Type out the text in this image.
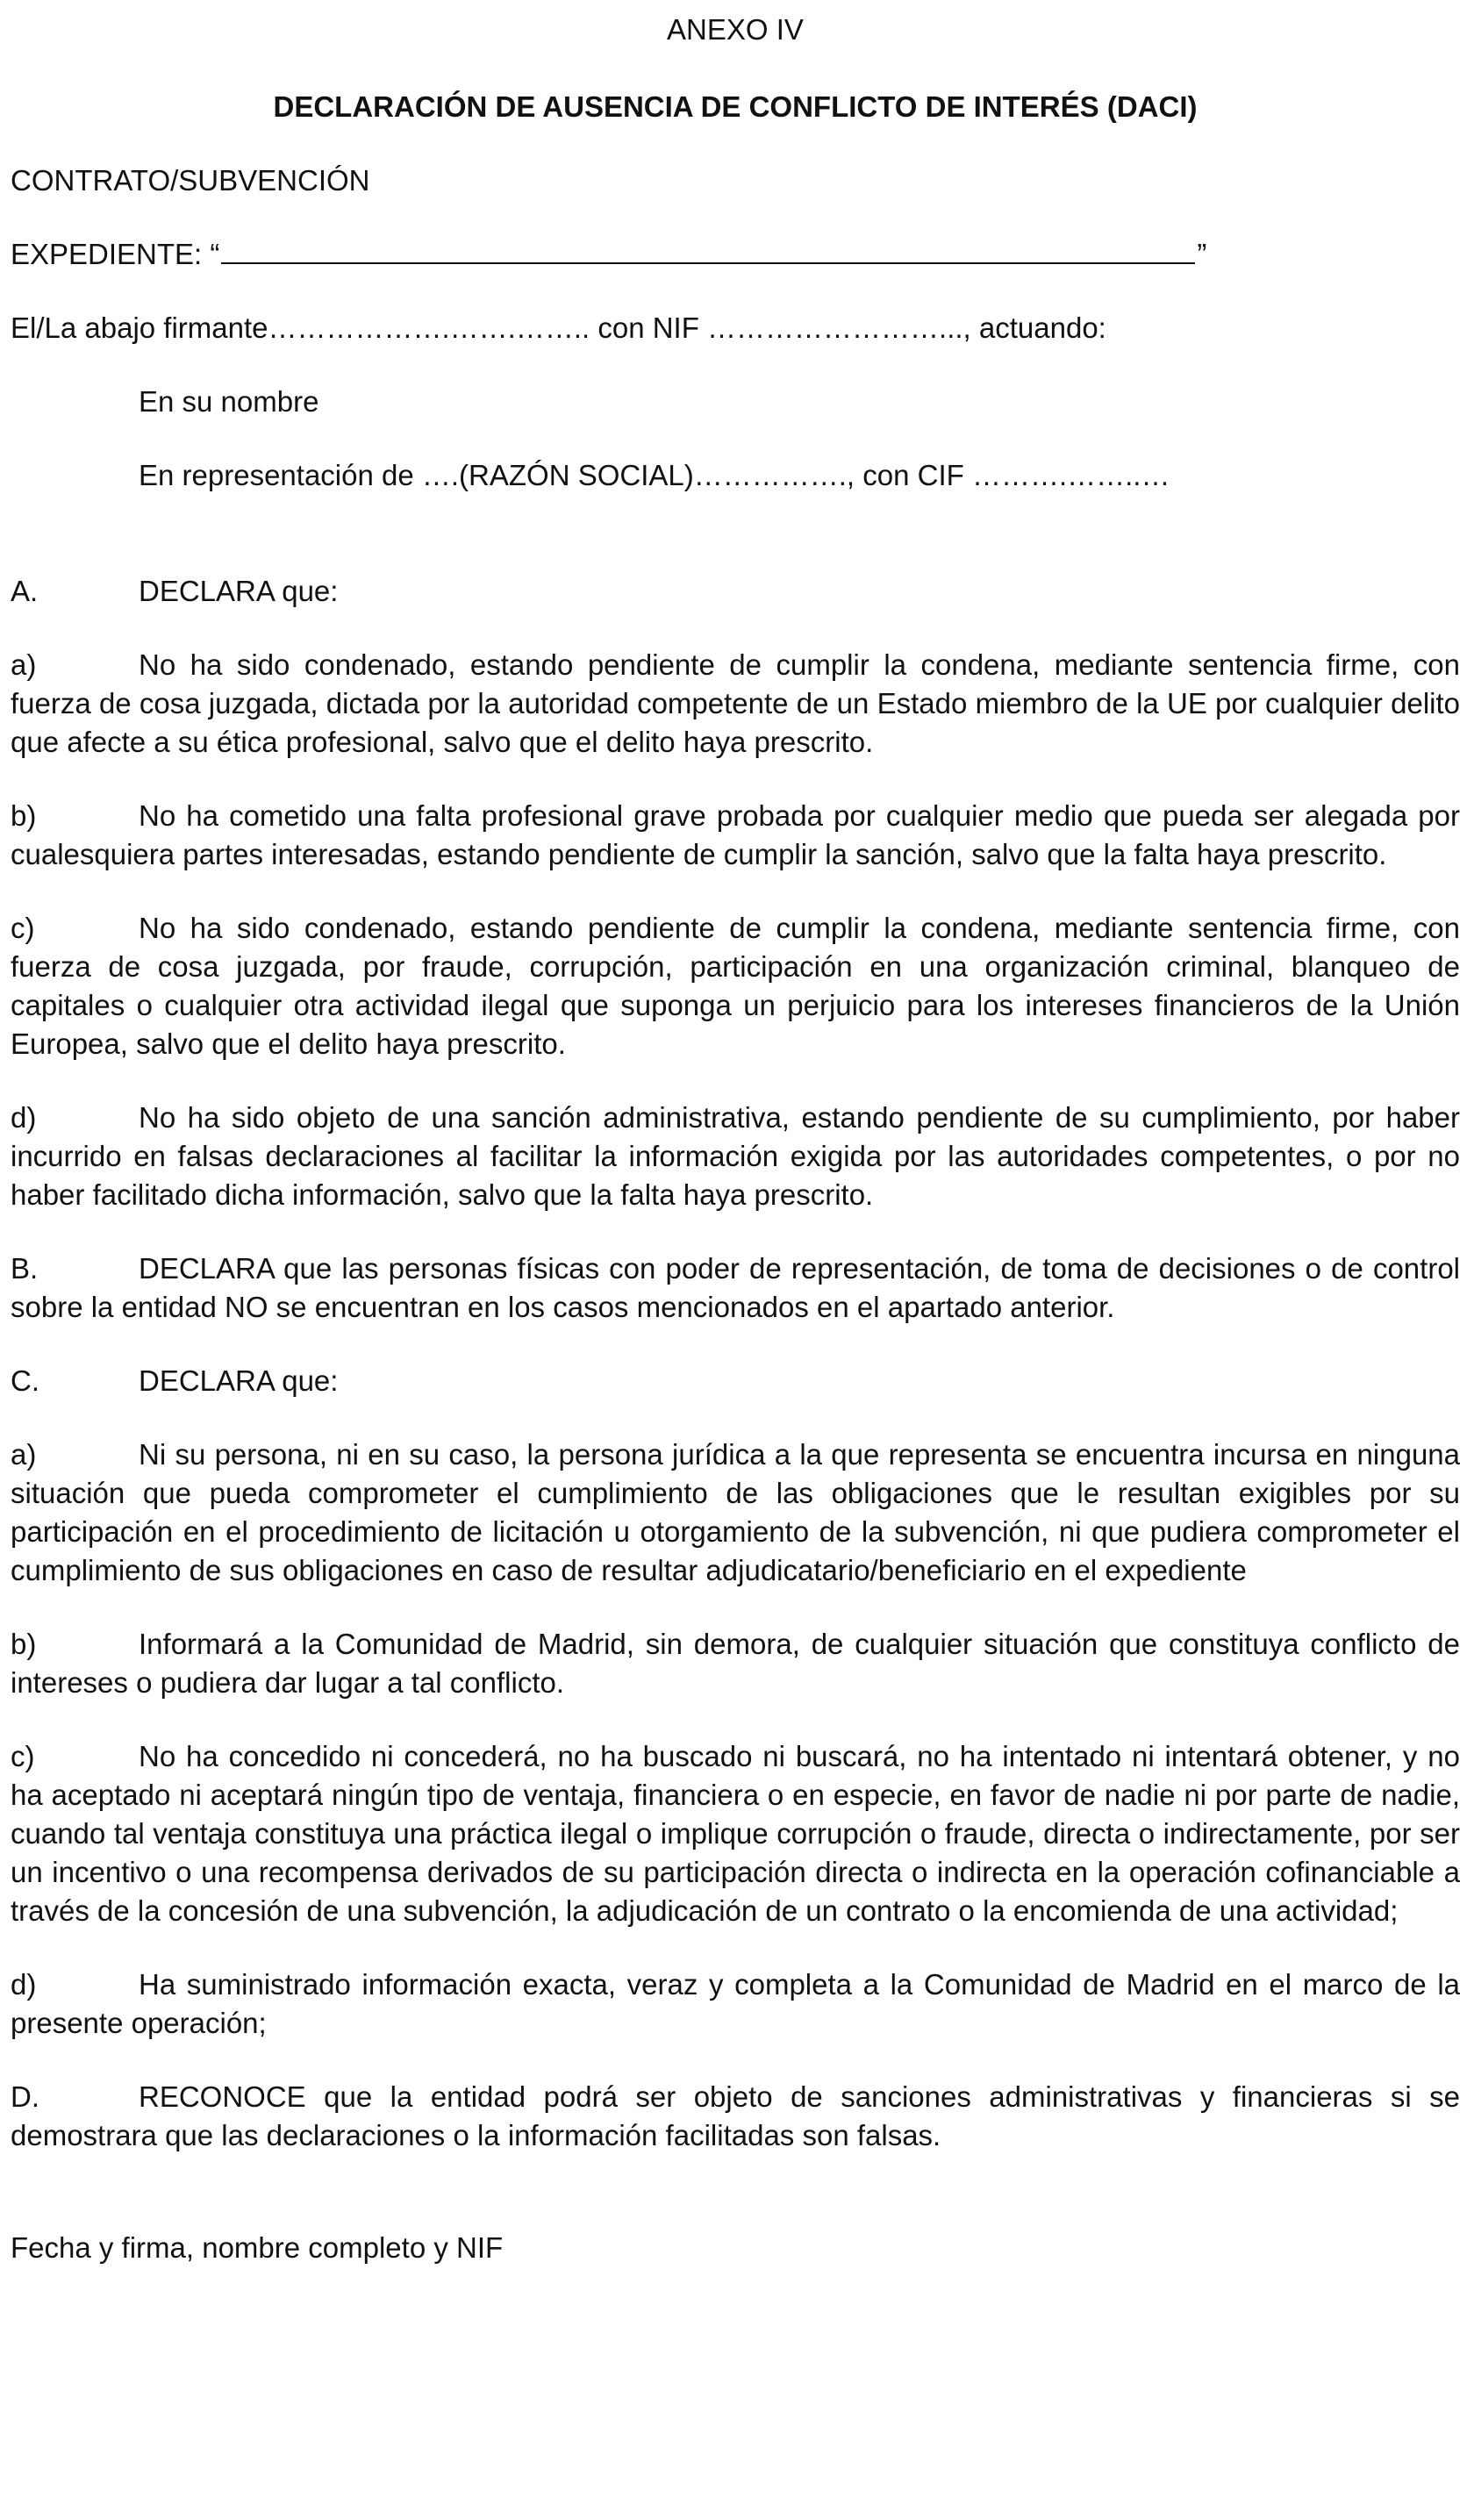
ANEXO IV
DECLARACIÓN DE AUSENCIA DE CONFLICTO DE INTERÉS (DACI)
CONTRATO/SUBVENCIÓN
EXPEDIENTE: “	”
El/La abajo firmante……………….…….…….. con NIF ……………………..., actuando:
En su nombre
En representación de ….(RAZÓN SOCIAL)……………., con CIF ……….……..…
A.	DECLARA que:
a)	No ha sido condenado, estando pendiente de cumplir la condena, mediante sentencia firme, con fuerza de cosa juzgada, dictada por la autoridad competente de un Estado miembro de la UE por cualquier delito que afecte a su ética profesional, salvo que el delito haya prescrito.
b)	No ha cometido una falta profesional grave probada por cualquier medio que pueda ser alegada por cualesquiera partes interesadas, estando pendiente de cumplir la sanción, salvo que la falta haya prescrito.
c)	No ha sido condenado, estando pendiente de cumplir la condena, mediante sentencia firme, con fuerza de cosa juzgada, por fraude, corrupción, participación en una organización criminal, blanqueo de capitales o cualquier otra actividad ilegal que suponga un perjuicio para los intereses financieros de la Unión Europea, salvo que el delito haya prescrito.
d)	No ha sido objeto de una sanción administrativa, estando pendiente de su cumplimiento, por haber incurrido en falsas declaraciones al facilitar la información exigida por las autoridades competentes, o por no haber facilitado dicha información, salvo que la falta haya prescrito.
B.	DECLARA que las personas físicas con poder de representación, de toma de decisiones o de control sobre la entidad NO se encuentran en los casos mencionados en el apartado anterior.
C.	DECLARA que:
a)	Ni su persona, ni en su caso, la persona jurídica a la que representa se encuentra incursa en ninguna situación que pueda comprometer el cumplimiento de las obligaciones que le resultan exigibles por su participación en el procedimiento de licitación u otorgamiento de la subvención, ni que pudiera comprometer el cumplimiento de sus obligaciones en caso de resultar adjudicatario/beneficiario en el expediente
b)	Informará a la Comunidad de Madrid, sin demora, de cualquier situación que constituya conflicto de intereses o pudiera dar lugar a tal conflicto.
c)	No ha concedido ni concederá, no ha buscado ni buscará, no ha intentado ni intentará obtener, y no ha aceptado ni aceptará ningún tipo de ventaja, financiera o en especie, en favor de nadie ni por parte de nadie, cuando tal ventaja constituya una práctica ilegal o implique corrupción o fraude, directa o indirectamente, por ser un incentivo o una recompensa derivados de su participación directa o indirecta en la operación cofinanciable a través de la concesión de una subvención, la adjudicación de un contrato o la encomienda de una actividad;
d)	Ha suministrado información exacta, veraz y completa a la Comunidad de Madrid en el marco de la presente operación;
D.	RECONOCE que la entidad podrá ser objeto de sanciones administrativas y financieras si se demostrara que las declaraciones o la información facilitadas son falsas.
Fecha y firma, nombre completo y NIF
